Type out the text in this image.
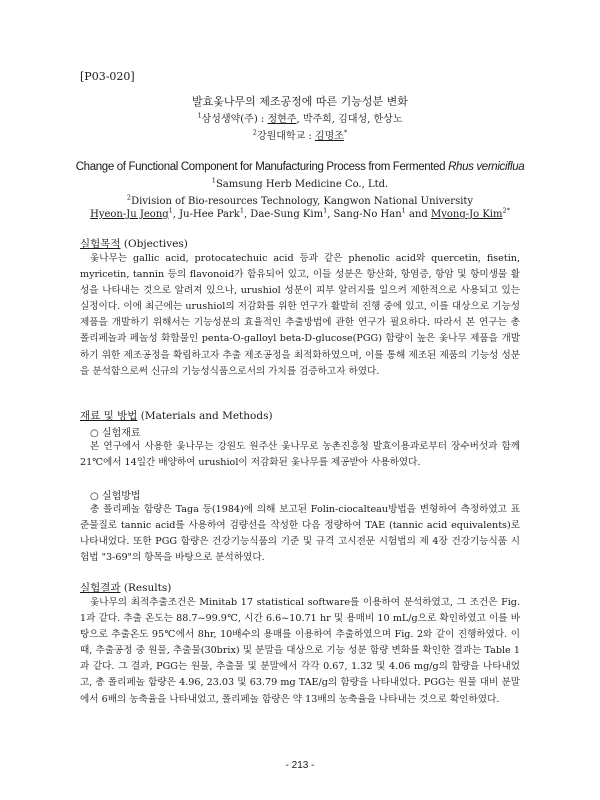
[P03-020]
발효옻나무의 제조공정에 따른 기능성분 변화
$^1$삼성생약(주) : 정현주, 박주희, 김대성, 한상노
$^2$강원대학교 : 김명조*
Change of Functional Component for Manufacturing Process from Fermented Rhus verniciflua
$^1$Samsung Herb Medicine Co., Ltd.
$^2$Division of Bio-resources Technology, Kangwon National University
Hyeon-Ju Jeong$^1$, Ju-Hee Park$^1$, Dae-Sung Kim$^1$, Sang-No Han$^1$ and Myong-Jo Kim$^{2*}$
실험목적 (Objectives)

옻나무는 gallic acid, protocatechuic acid 등과 같은 phenolic acid와 quercetin, fisetin, myricetin, tannin 등의 flavonoid가 함유되어 있고, 이들 성분은 항산화, 항염증, 항암 및 항미생물 활성을 나타내는 것으로 알려져 있으나, urushiol 성분이 피부 알러지를 일으켜 제한적으로 사용되고 있는 실정이다. 이에 최근에는 urushiol의 저감화를 위한 연구가 활발히 진행 중에 있고, 이를 대상으로 기능성제품을 개발하기 위해서는 기능성분의 효율적인 추출방법에 관한 연구가 필요하다. 따라서 본 연구는 총 폴리페놀과 페놀성 화합물인 penta-O-galloyl beta-D-glucose(PGG) 함량이 높은 옻나무 제품을 개발하기 위한 제조공정을 확립하고자 추출 제조공정을 최적화하였으며, 이를 통해 제조된 제품의 기능성 성분을 분석함으로써 신규의 기능성식품으로서의 가치를 검증하고자 하였다.

재료 및 방법 (Materials and Methods)
○ 실험재료

본 연구에서 사용한 옻나무는 강원도 원주산 옻나무로 농촌진흥청 발효이용과로부터 장수버섯과 함께 21℃에서 14일간 배양하여 urushiol이 저감화된 옻나무를 제공받아 사용하였다.

○ 실험방법

총 폴리페놀 함량은 Taga 등(1984)에 의해 보고된 Folin-ciocalteau방법을 변형하여 측정하였고 표준물질로 tannic acid를 사용하여 검량선을 작성한 다음 정량하여 TAE (tannic acid equivalents)로 나타내었다. 또한 PGG 함량은 건강기능식품의 기준 및 규격 고시전문 시험법의 제 4장 건강기능식품 시험법 "3-69"의 항목을 바탕으로 분석하였다.

실험결과 (Results)

옻나무의 최적추출조건은 Minitab 17 statistical software를 이용하여 분석하였고, 그 조건은 Fig. 1과 같다. 추출 온도는 88.7~99.9℃, 시간 6.6~10.71 hr 및 용매비 10 mL/g으로 확인하였고 이를 바탕으로 추출온도 95℃에서 8hr, 10배수의 용매를 이용하여 추출하였으며 Fig. 2와 같이 진행하였다. 이 때, 추출공정 중 원물, 추출물(30brix) 및 분말을 대상으로 기능 성분 함량 변화를 확인한 결과는 Table 1과 같다. 그 결과, PGG는 원물, 추출물 및 분말에서 각각 0.67, 1.32 및 4.06 mg/g의 함량을 나타내었고, 총 폴리페놀 함량은 4.96, 23.03 및 63.79 mg TAE/g의 함량을 나타내었다. PGG는 원물 대비 분말에서 6배의 농축율을 나타내었고, 폴리페놀 함량은 약 13배의 농축율을 나타내는 것으로 확인하였다.

- 213 -
